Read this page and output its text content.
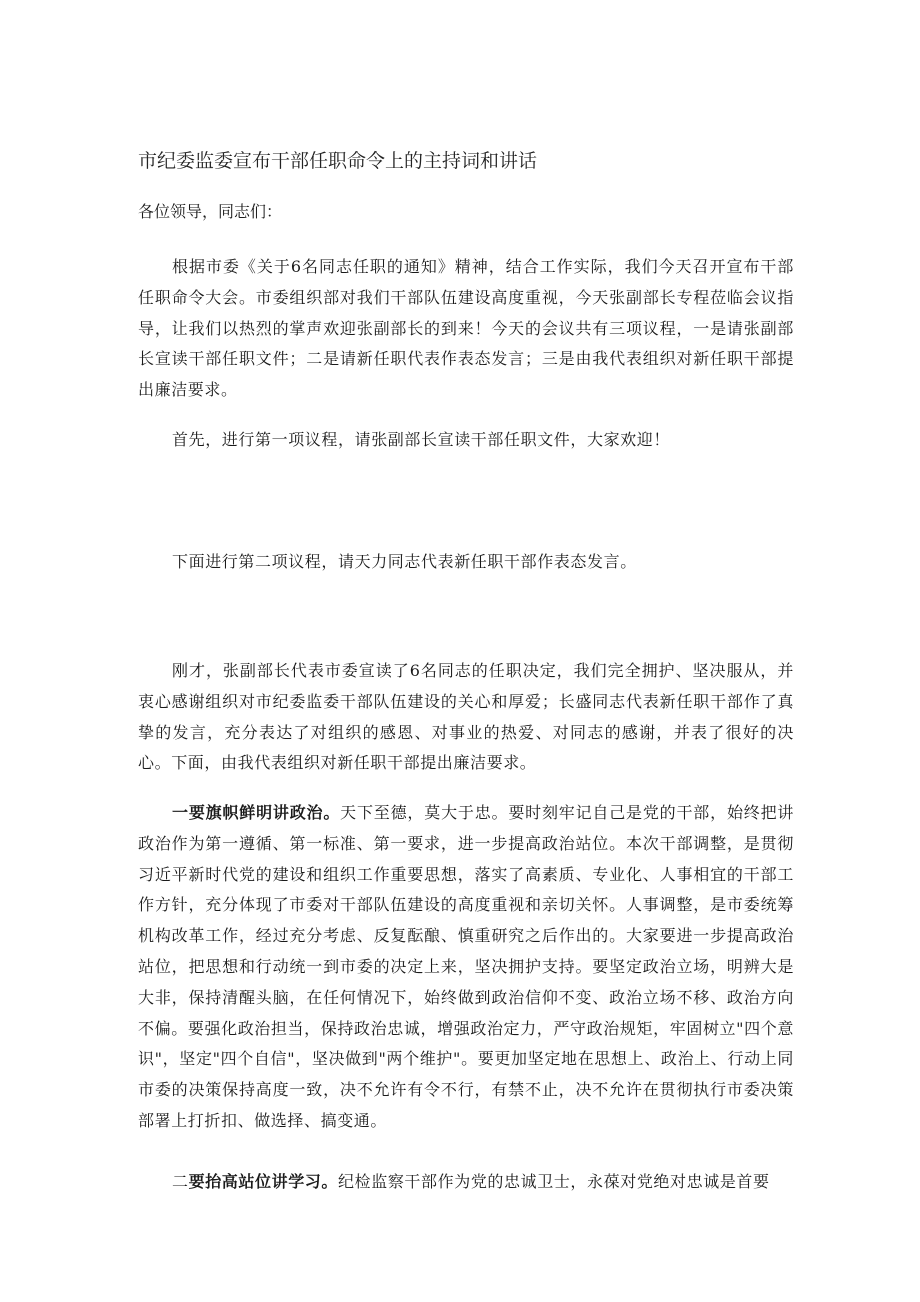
市纪委监委宣布干部任职命令上的主持词和讲话
各位领导，同志们：

根据市委《关于6名同志任职的通知》精神，结合工作实际，我们今天召开宣布干部任职命令大会。市委组织部对我们干部队伍建设高度重视，今天张副部长专程莅临会议指导，让我们以热烈的掌声欢迎张副部长的到来！今天的会议共有三项议程，一是请张副部长宣读干部任职文件；二是请新任职代表作表态发言；三是由我代表组织对新任职干部提出廉洁要求。

首先，进行第一项议程，请张副部长宣读干部任职文件，大家欢迎！

下面进行第二项议程，请天力同志代表新任职干部作表态发言。

刚才，张副部长代表市委宣读了6名同志的任职决定，我们完全拥护、坚决服从，并衷心感谢组织对市纪委监委干部队伍建设的关心和厚爱；长盛同志代表新任职干部作了真挚的发言，充分表达了对组织的感恩、对事业的热爱、对同志的感谢，并表了很好的决心。下面，由我代表组织对新任职干部提出廉洁要求。

一要旗帜鲜明讲政治。天下至德，莫大于忠。要时刻牢记自己是党的干部，始终把讲政治作为第一遵循、第一标准、第一要求，进一步提高政治站位。本次干部调整，是贯彻习近平新时代党的建设和组织工作重要思想，落实了高素质、专业化、人事相宜的干部工作方针，充分体现了市委对干部队伍建设的高度重视和亲切关怀。人事调整，是市委统筹机构改革工作，经过充分考虑、反复酝酿、慎重研究之后作出的。大家要进一步提高政治站位，把思想和行动统一到市委的决定上来，坚决拥护支持。要坚定政治立场，明辨大是大非，保持清醒头脑，在任何情况下，始终做到政治信仰不变、政治立场不移、政治方向不偏。要强化政治担当，保持政治忠诚，增强政治定力，严守政治规矩，牢固树立"四个意识"，坚定"四个自信"，坚决做到"两个维护"。要更加坚定地在思想上、政治上、行动上同市委的决策保持高度一致，决不允许有令不行，有禁不止，决不允许在贯彻执行市委决策部署上打折扣、做选择、搞变通。

二要抬高站位讲学习。纪检监察干部作为党的忠诚卫士，永葆对党绝对忠诚是首要
